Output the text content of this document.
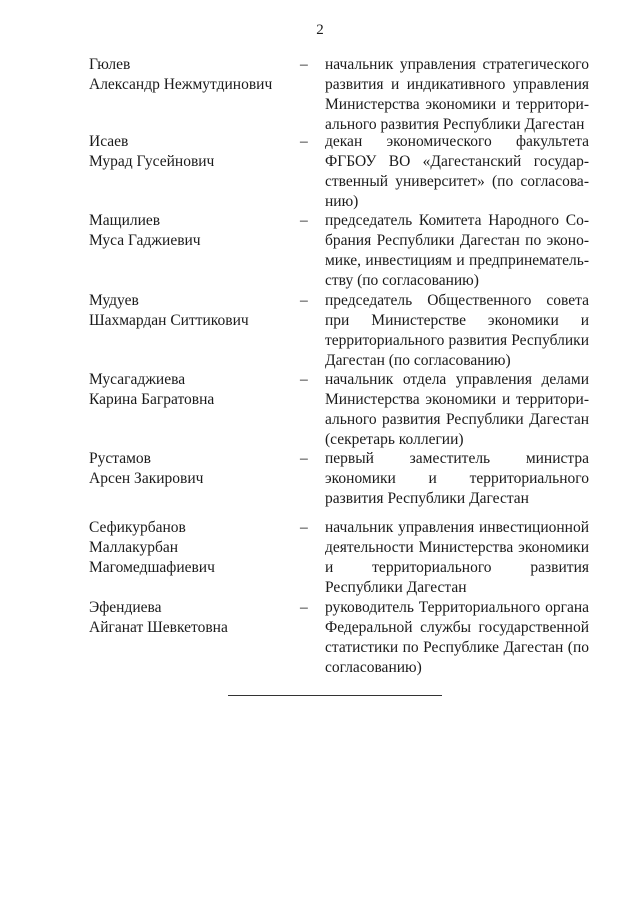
2
Гюлев
Александр Нежмутдинович
– начальник управления стратегического развития и индикативного управления Министерства экономики и территориального развития Республики Дагестан
Исаев
Мурад Гусейнович
– декан экономического факультета ФГБОУ ВО «Дагестанский государственный университет» (по согласованию)
Мащилиев
Муса Гаджиевич
– председатель Комитета Народного Собрания Республики Дагестан по экономике, инвестициям и предпринемательству (по согласованию)
Мудуев
Шахмардан Ситтикович
– председатель Общественного совета при Министерстве экономики и территориального развития Республики Дагестан (по согласованию)
Мусагаджиева
Карина Багратовна
– начальник отдела управления делами Министерства экономики и территориального развития Республики Дагестан (секретарь коллегии)
Рустамов
Арсен Закирович
– первый заместитель министра экономики и территориального развития Республики Дагестан
Сефикурбанов
Маллакурбан
Магомедшафиевич
– начальник управления инвестиционной деятельности Министерства экономики и территориального развития Республики Дагестан
Эфендиева
Айганат Шевкетовна
– руководитель Территориального органа Федеральной службы государственной статистики по Республике Дагестан (по согласованию)
